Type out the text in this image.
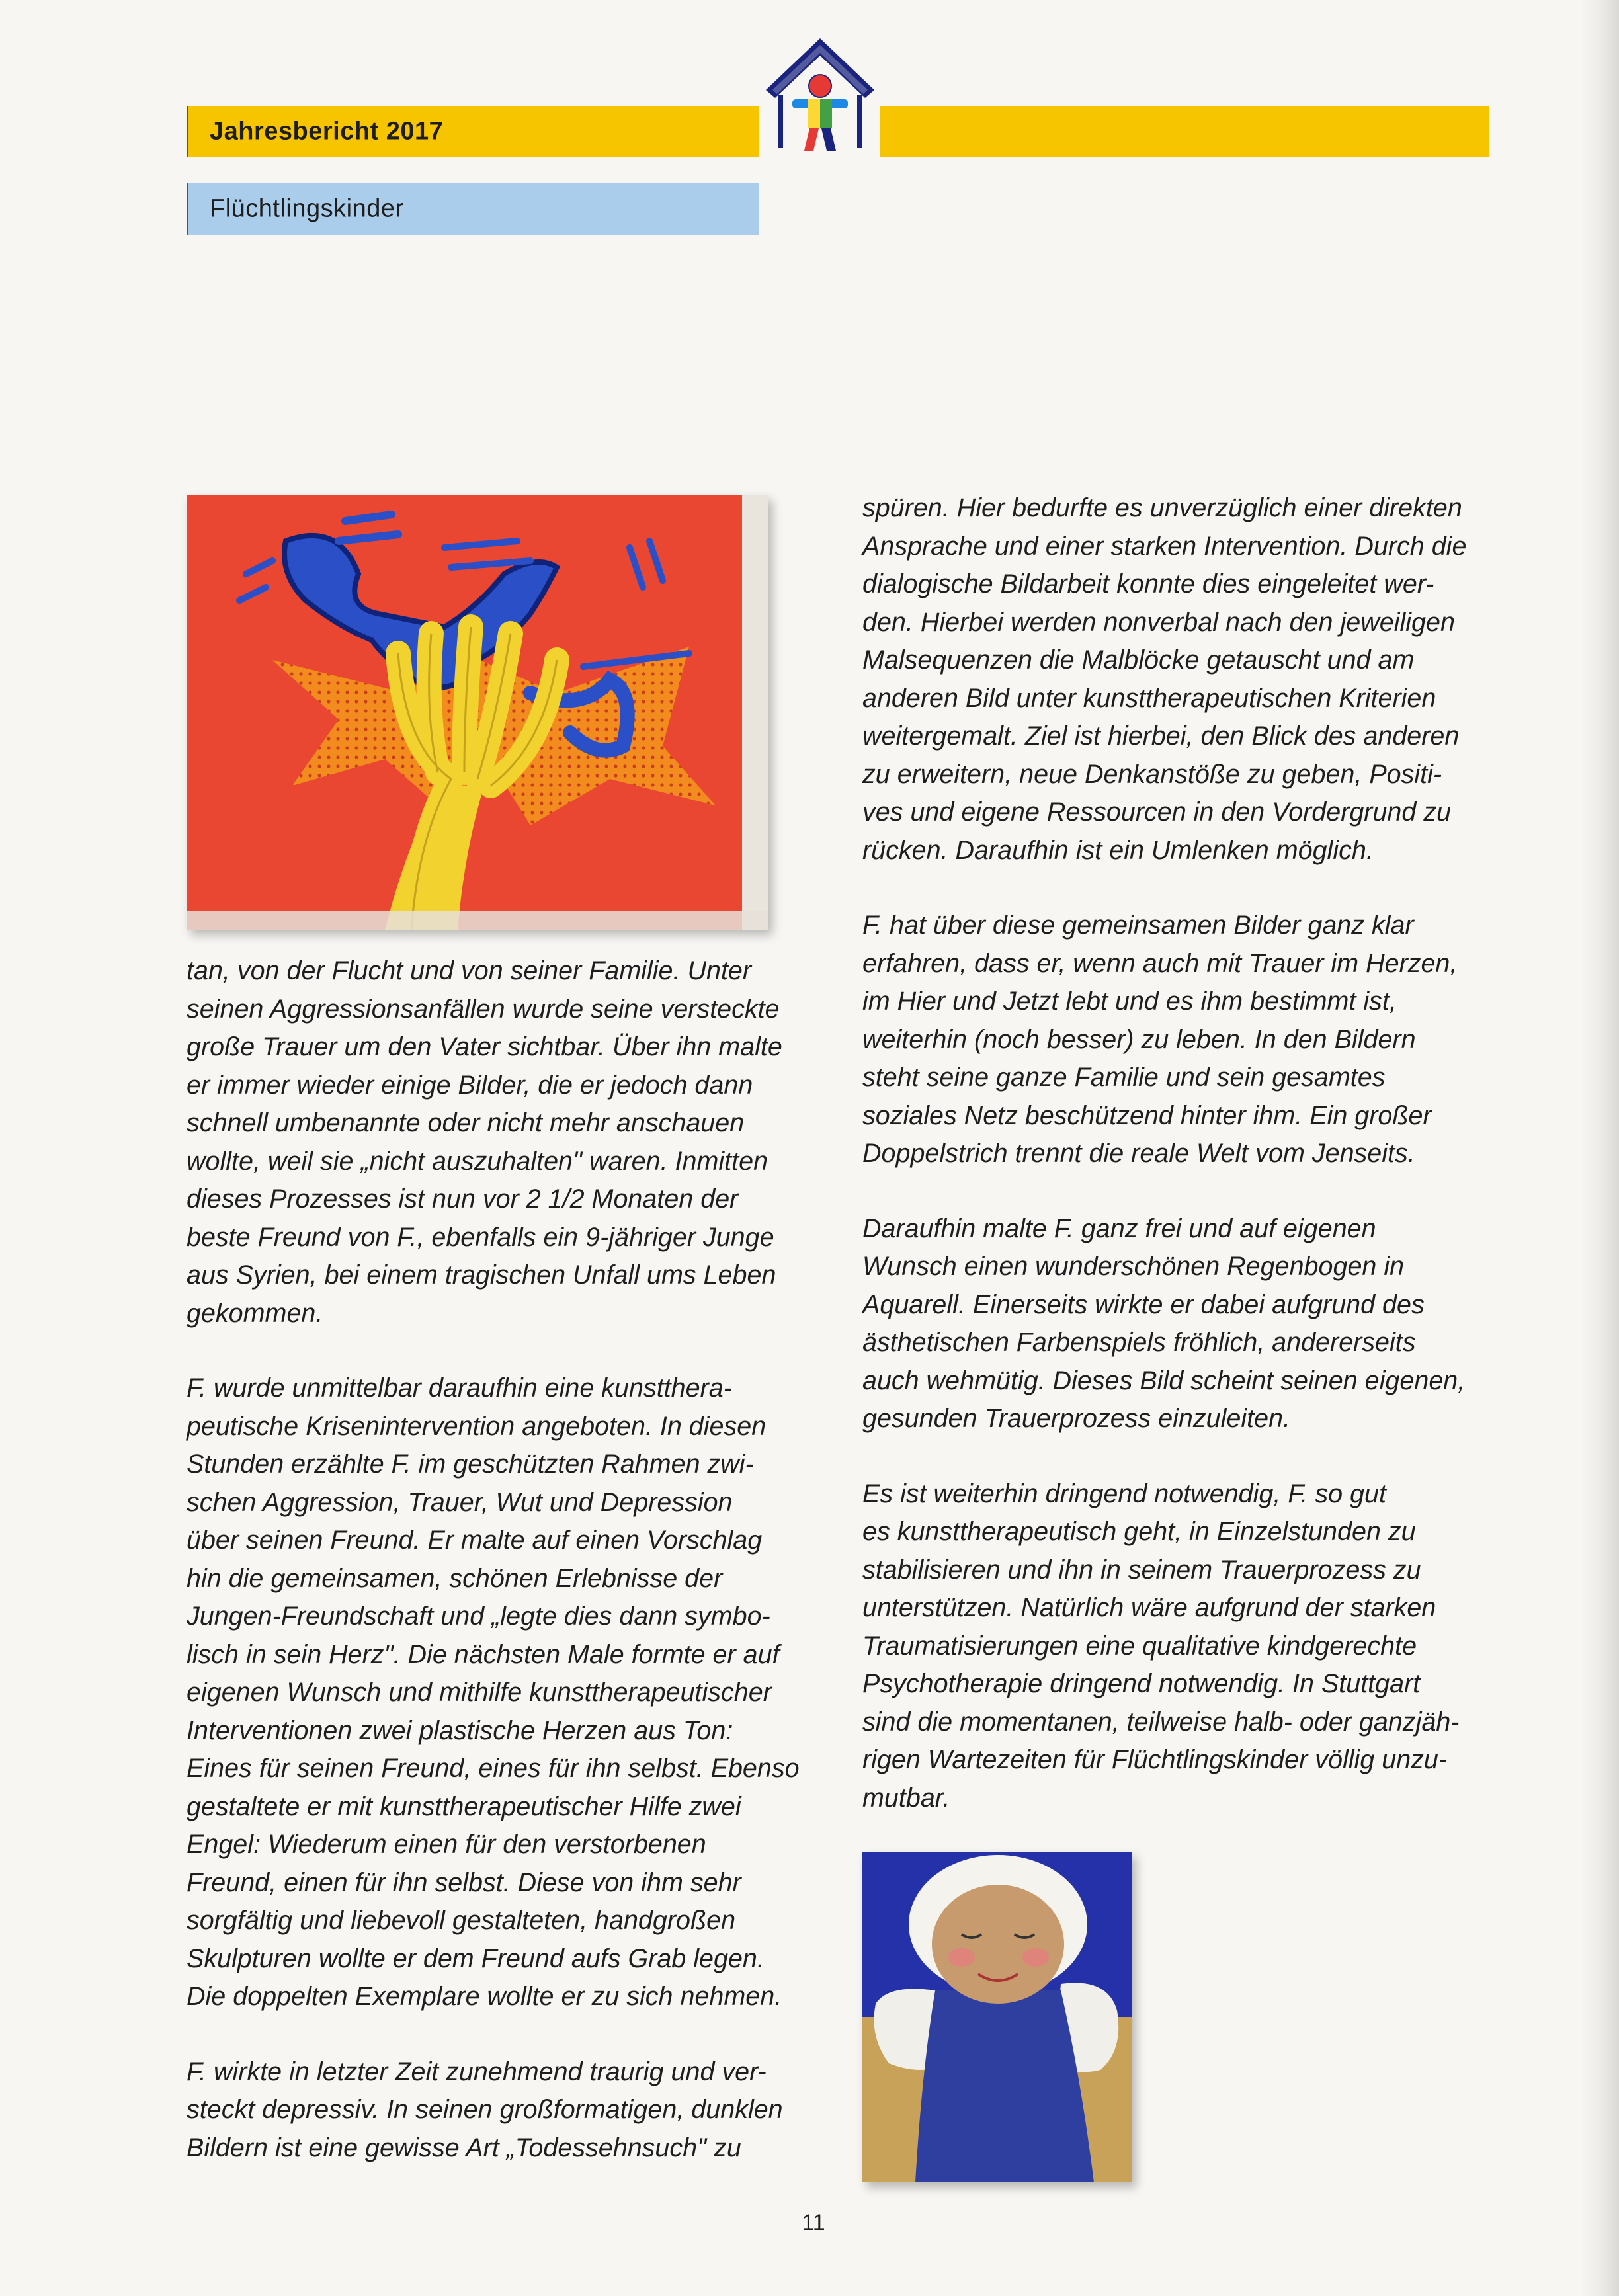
Jahresbericht 2017
Flüchtlingskinder

tan, von der Flucht und von seiner Familie. Unter
seinen Aggressionsanfällen wurde seine versteckte
große Trauer um den Vater sichtbar. Über ihn malte
er immer wieder einige Bilder, die er jedoch dann
schnell umbenannte oder nicht mehr anschauen
wollte, weil sie „nicht auszuhalten" waren. Inmitten
dieses Prozesses ist nun vor 2 1/2 Monaten der
beste Freund von F., ebenfalls ein 9-jähriger Junge
aus Syrien, bei einem tragischen Unfall ums Leben
gekommen.

F. wurde unmittelbar daraufhin eine kunstthera-
peutische Krisenintervention angeboten. In diesen
Stunden erzählte F. im geschützten Rahmen zwi-
schen Aggression, Trauer, Wut und Depression
über seinen Freund. Er malte auf einen Vorschlag
hin die gemeinsamen, schönen Erlebnisse der
Jungen-Freundschaft und „legte dies dann symbo-
lisch in sein Herz". Die nächsten Male formte er auf
eigenen Wunsch und mithilfe kunsttherapeutischer
Interventionen zwei plastische Herzen aus Ton:
Eines für seinen Freund, eines für ihn selbst. Ebenso
gestaltete er mit kunsttherapeutischer Hilfe zwei
Engel: Wiederum einen für den verstorbenen
Freund, einen für ihn selbst. Diese von ihm sehr
sorgfältig und liebevoll gestalteten, handgroßen
Skulpturen wollte er dem Freund aufs Grab legen.
Die doppelten Exemplare wollte er zu sich nehmen.

F. wirkte in letzter Zeit zunehmend traurig und ver-
steckt depressiv. In seinen großformatigen, dunklen
Bildern ist eine gewisse Art „Todessehnsuch" zu

spüren. Hier bedurfte es unverzüglich einer direkten
Ansprache und einer starken Intervention. Durch die
dialogische Bildarbeit konnte dies eingeleitet wer-
den. Hierbei werden nonverbal nach den jeweiligen
Malsequenzen die Malblöcke getauscht und am
anderen Bild unter kunsttherapeutischen Kriterien
weitergemalt. Ziel ist hierbei, den Blick des anderen
zu erweitern, neue Denkanstöße zu geben, Positi-
ves und eigene Ressourcen in den Vordergrund zu
rücken. Daraufhin ist ein Umlenken möglich.

F. hat über diese gemeinsamen Bilder ganz klar
erfahren, dass er, wenn auch mit Trauer im Herzen,
im Hier und Jetzt lebt und es ihm bestimmt ist,
weiterhin (noch besser) zu leben. In den Bildern
steht seine ganze Familie und sein gesamtes
soziales Netz beschützend hinter ihm. Ein großer
Doppelstrich trennt die reale Welt vom Jenseits.

Daraufhin malte F. ganz frei und auf eigenen
Wunsch einen wunderschönen Regenbogen in
Aquarell. Einerseits wirkte er dabei aufgrund des
ästhetischen Farbenspiels fröhlich, andererseits
auch wehmütig. Dieses Bild scheint seinen eigenen,
gesunden Trauerprozess einzuleiten.

Es ist weiterhin dringend notwendig, F. so gut
es kunsttherapeutisch geht, in Einzelstunden zu
stabilisieren und ihn in seinem Trauerprozess zu
unterstützen. Natürlich wäre aufgrund der starken
Traumatisierungen eine qualitative kindgerechte
Psychotherapie dringend notwendig. In Stuttgart
sind die momentanen, teilweise halb- oder ganzjäh-
rigen Wartezeiten für Flüchtlingskinder völlig unzu-
mutbar.

11
